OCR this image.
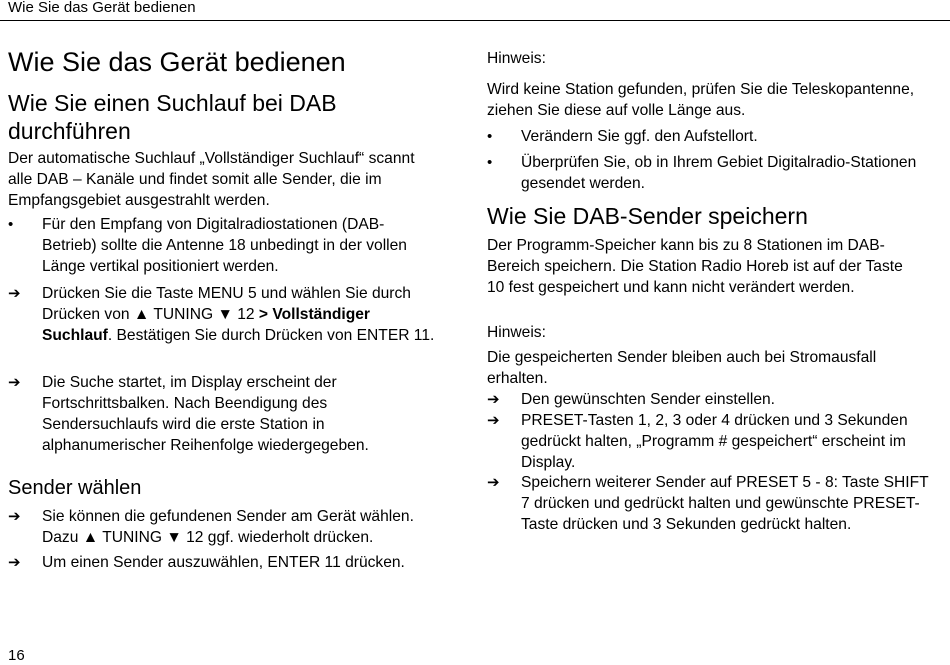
Wie Sie das Gerät bedienen
Wie Sie das Gerät bedienen
Wie Sie einen Suchlauf bei DAB durchführen
Der automatische Suchlauf „Vollständiger Suchlauf“ scannt alle DAB – Kanäle und findet somit alle Sender, die im Empfangsgebiet ausgestrahlt werden.
•	Für den Empfang von Digitalradiostationen (DAB-Betrieb) sollte die Antenne 18 unbedingt in der vollen Länge vertikal positioniert werden.
➔	Drücken Sie die Taste MENU 5 und wählen Sie durch Drücken von ▲ TUNING ▼ 12 > Vollständiger Suchlauf. Bestätigen Sie durch Drücken von ENTER 11.
➔	Die Suche startet, im Display erscheint der Fortschrittsbalken. Nach Beendigung des Sendersuchlaufs wird die erste Station in alphanumerischer Reihenfolge wiedergegeben.
Sender wählen
➔	Sie können die gefundenen Sender am Gerät wählen. Dazu ▲ TUNING ▼ 12 ggf. wiederholt drücken.
➔	Um einen Sender auszuwählen, ENTER 11 drücken.
Hinweis:
Wird keine Station gefunden, prüfen Sie die Teleskopantenne, ziehen Sie diese auf volle Länge aus.
•	Verändern Sie ggf. den Aufstellort.
•	Überprüfen Sie, ob in Ihrem Gebiet Digitalradio-Stationen gesendet werden.
Wie Sie DAB-Sender speichern
Der Programm-Speicher kann bis zu 8 Stationen im DAB-Bereich speichern. Die Station Radio Horeb ist auf der Taste 10 fest gespeichert und kann nicht verändert werden.
Hinweis:
Die gespeicherten Sender bleiben auch bei Stromausfall erhalten.
➔	Den gewünschten Sender einstellen.
➔	PRESET-Tasten 1, 2, 3 oder 4 drücken und 3 Sekunden gedrückt halten, „Programm # gespeichert“ erscheint im Display.
➔	Speichern weiterer Sender auf PRESET 5 - 8: Taste SHIFT 7 drücken und gedrückt halten und gewünschte PRESET-Taste drücken und 3 Sekunden gedrückt halten.
16
